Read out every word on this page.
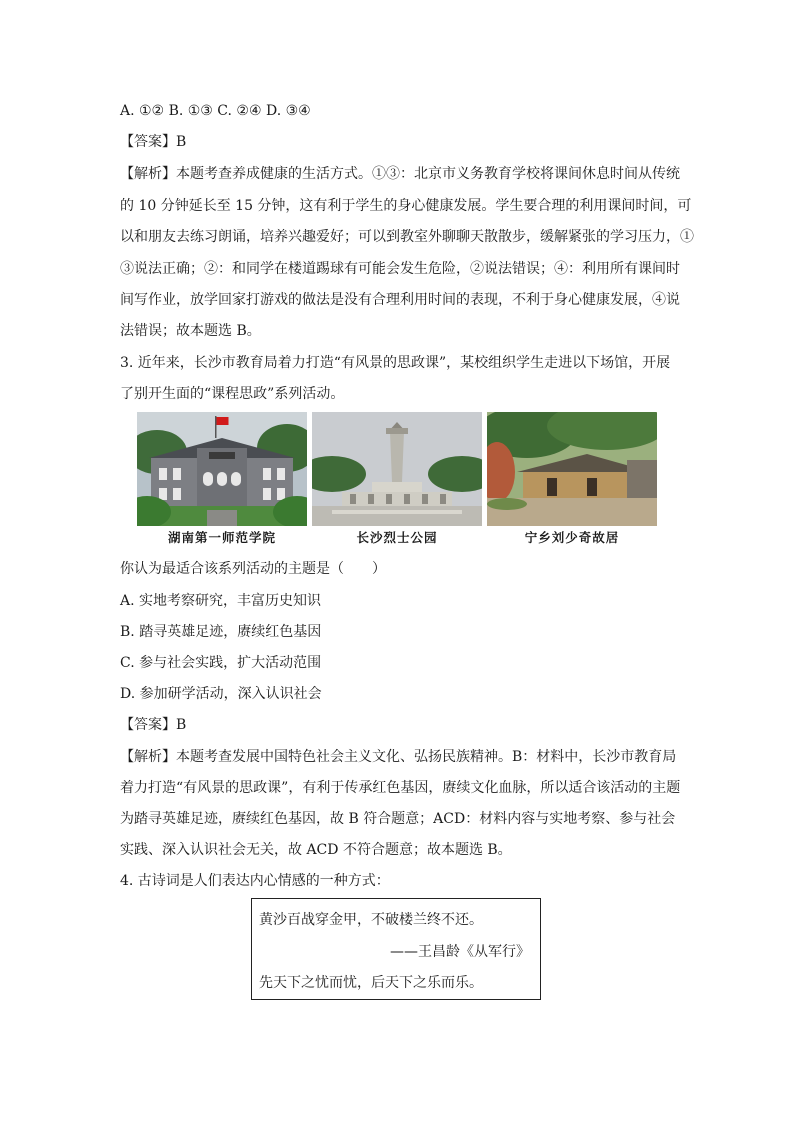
A. ①② B. ①③ C. ②④ D. ③④
【答案】B
【解析】本题考查养成健康的生活方式。①③：北京市义务教育学校将课间休息时间从传统
的 10 分钟延长至 15 分钟，这有利于学生的身心健康发展。学生要合理的利用课间时间，可
以和朋友去练习朗诵，培养兴趣爱好；可以到教室外聊聊天散散步，缓解紧张的学习压力，①
③说法正确；②：和同学在楼道踢球有可能会发生危险，②说法错误；④：利用所有课间时
间写作业，放学回家打游戏的做法是没有合理利用时间的表现，不利于身心健康发展，④说
法错误；故本题选 B。
3. 近年来，长沙市教育局着力打造“有风景的思政课”，某校组织学生走进以下场馆，开展
了别开生面的“课程思政”系列活动。
湖南第一师范学院	长沙烈士公园	宁乡刘少奇故居
你认为最适合该系列活动的主题是（　　）
A. 实地考察研究，丰富历史知识
B. 踏寻英雄足迹，赓续红色基因
C. 参与社会实践，扩大活动范围
D. 参加研学活动，深入认识社会
【答案】B
【解析】本题考查发展中国特色社会主义文化、弘扬民族精神。B：材料中，长沙市教育局
着力打造“有风景的思政课”，有利于传承红色基因，赓续文化血脉，所以适合该活动的主题
为踏寻英雄足迹，赓续红色基因，故 B 符合题意；ACD：材料内容与实地考察、参与社会
实践、深入认识社会无关，故 ACD 不符合题意；故本题选 B。
4. 古诗词是人们表达内心情感的一种方式：
黄沙百战穿金甲，不破楼兰终不还。
——王昌龄《从军行》
先天下之忧而忧，后天下之乐而乐。
